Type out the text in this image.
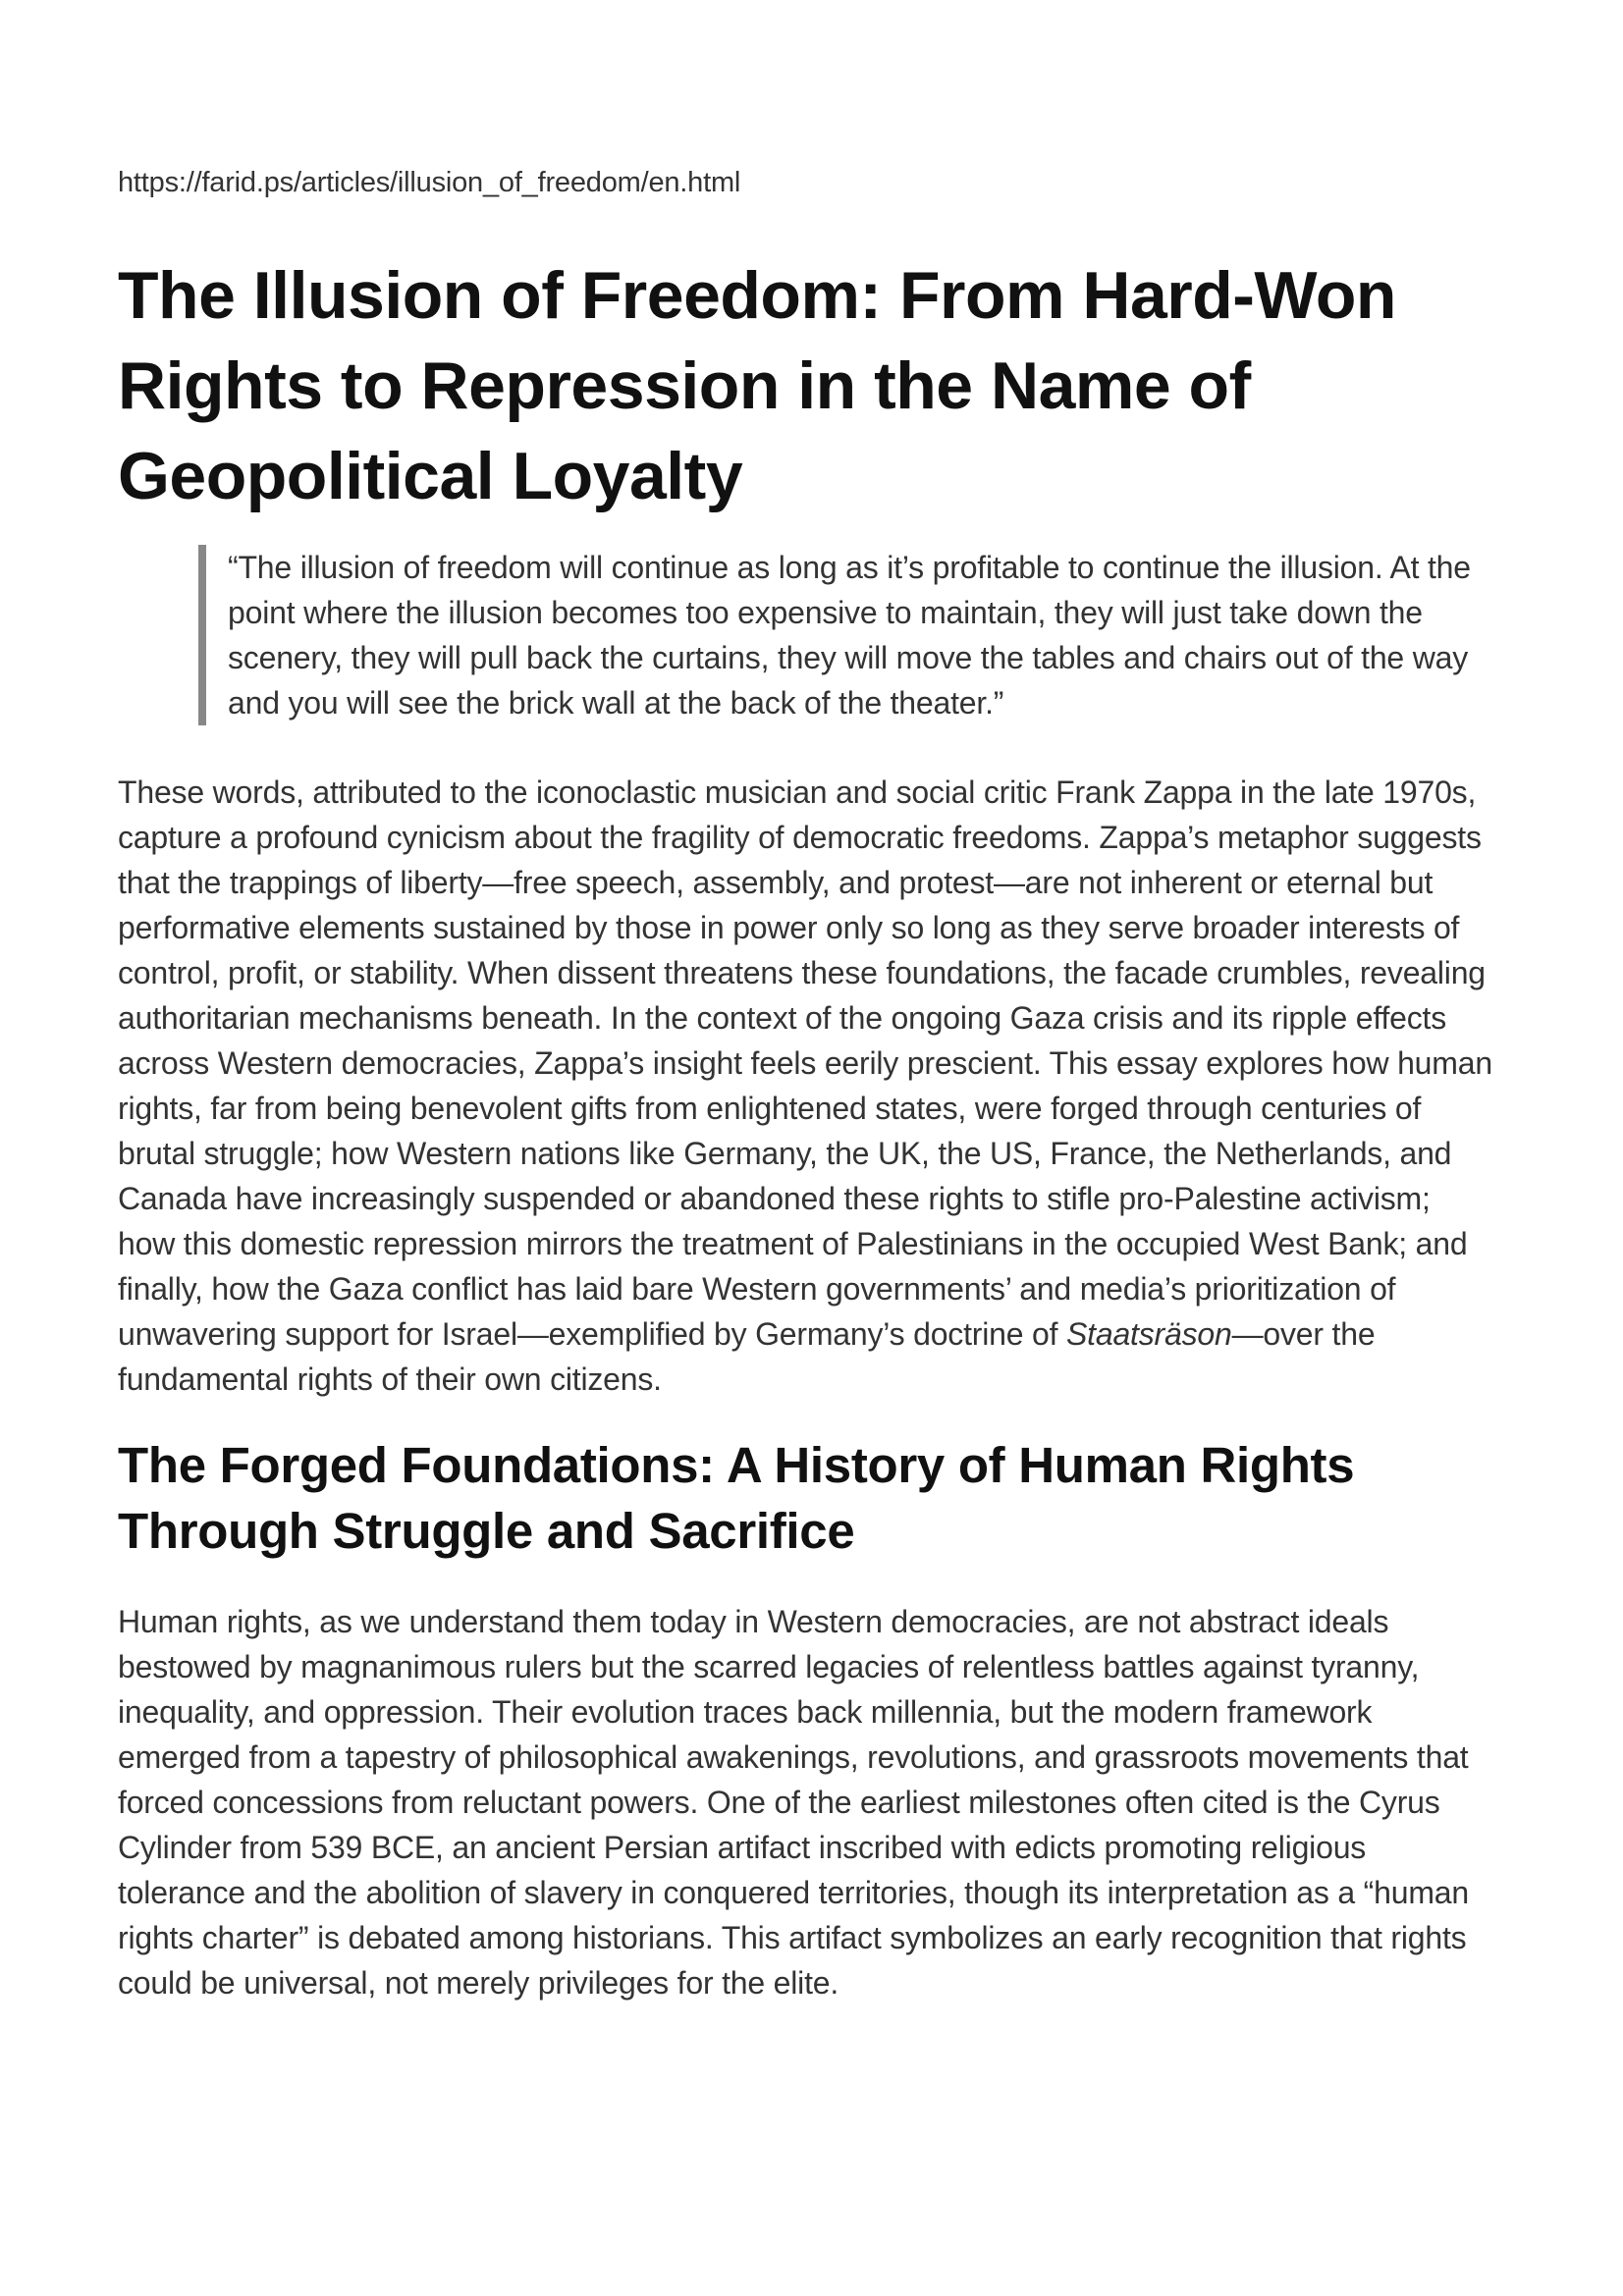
https://farid.ps/articles/illusion_of_freedom/en.html
The Illusion of Freedom: From Hard-Won Rights to Repression in the Name of Geopolitical Loyalty
“The illusion of freedom will continue as long as it’s profitable to continue the illusion. At the point where the illusion becomes too expensive to maintain, they will just take down the scenery, they will pull back the curtains, they will move the tables and chairs out of the way and you will see the brick wall at the back of the theater.”

These words, attributed to the iconoclastic musician and social critic Frank Zappa in the late 1970s, capture a profound cynicism about the fragility of democratic freedoms. Zappa’s metaphor suggests that the trappings of liberty—free speech, assembly, and protest—are not inherent or eternal but performative elements sustained by those in power only so long as they serve broader interests of control, profit, or stability. When dissent threatens these foundations, the facade crumbles, revealing authoritarian mechanisms beneath. In the context of the ongoing Gaza crisis and its ripple effects across Western democracies, Zappa’s insight feels eerily prescient. This essay explores how human rights, far from being benevolent gifts from enlightened states, were forged through centuries of brutal struggle; how Western nations like Germany, the UK, the US, France, the Netherlands, and Canada have increasingly suspended or abandoned these rights to stifle pro-Palestine activism; how this domestic repression mirrors the treatment of Palestinians in the occupied West Bank; and finally, how the Gaza conflict has laid bare Western governments’ and media’s prioritization of unwavering support for Israel—exemplified by Germany’s doctrine of Staatsräson—over the fundamental rights of their own citizens.

The Forged Foundations: A History of Human Rights Through Struggle and Sacrifice

Human rights, as we understand them today in Western democracies, are not abstract ideals bestowed by magnanimous rulers but the scarred legacies of relentless battles against tyranny, inequality, and oppression. Their evolution traces back millennia, but the modern framework emerged from a tapestry of philosophical awakenings, revolutions, and grassroots movements that forced concessions from reluctant powers. One of the earliest milestones often cited is the Cyrus Cylinder from 539 BCE, an ancient Persian artifact inscribed with edicts promoting religious tolerance and the abolition of slavery in conquered territories, though its interpretation as a “human rights charter” is debated among historians. This artifact symbolizes an early recognition that rights could be universal, not merely privileges for the elite.
